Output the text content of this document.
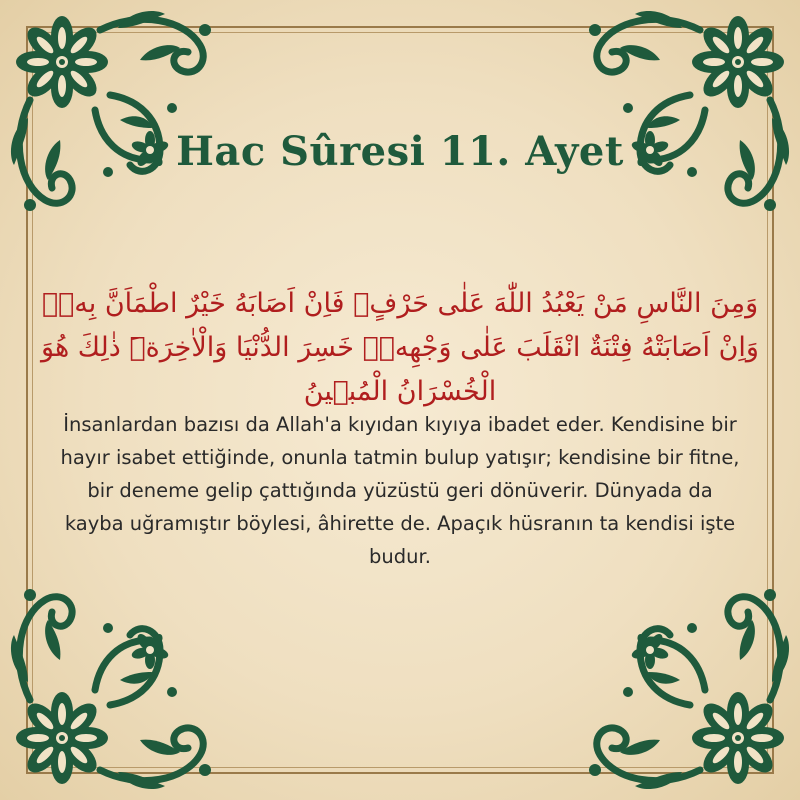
Hac Sûresi 11. Ayet
وَمِنَ النَّاسِ مَنْ يَعْبُدُ اللّٰهَ عَلٰى حَرْفٍۚ فَاِنْ اَصَابَهُ خَيْرٌ اطْمَاَنَّ بِه۪ۚ وَاِنْ اَصَابَتْهُ فِتْنَةٌ انْقَلَبَ عَلٰى وَجْهِه۪ۗ خَسِرَ الدُّنْيَا وَالْاٰخِرَةَۜ ذٰلِكَ هُوَ الْخُسْرَانُ الْمُب۪ينُ
İnsanlardan bazısı da Allah'a kıyıdan kıyıya ibadet eder. Kendisine bir hayır isabet ettiğinde, onunla tatmin bulup yatışır; kendisine bir fitne, bir deneme gelip çattığında yüzüstü geri dönüverir. Dünyada da kayba uğramıştır böylesi, âhirette de. Apaçık hüsranın ta kendisi işte budur.
